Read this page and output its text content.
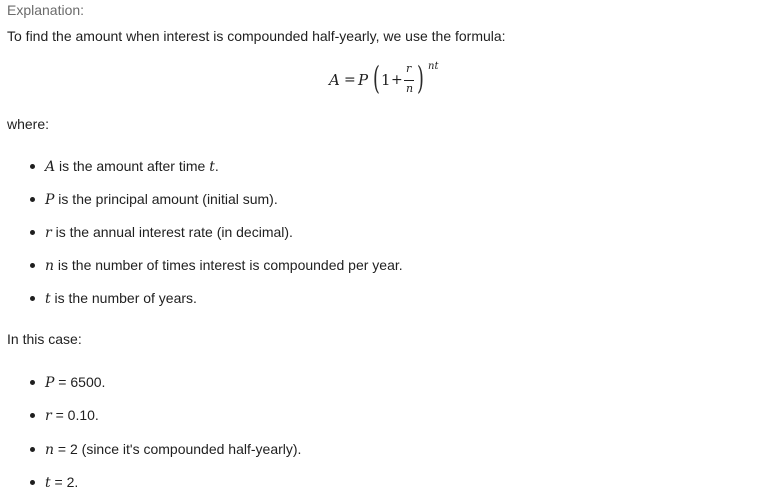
Explanation:
To find the amount when interest is compounded half-yearly, we use the formula:
A = P ( 1 +
r
n ) nt
where:
A is the amount after time t.
P is the principal amount (initial sum).
r is the annual interest rate (in decimal).
n is the number of times interest is compounded per year.
t is the number of years.
In this case:
P = 6500.
r = 0.10.
n = 2 (since it's compounded half-yearly).
t = 2.
